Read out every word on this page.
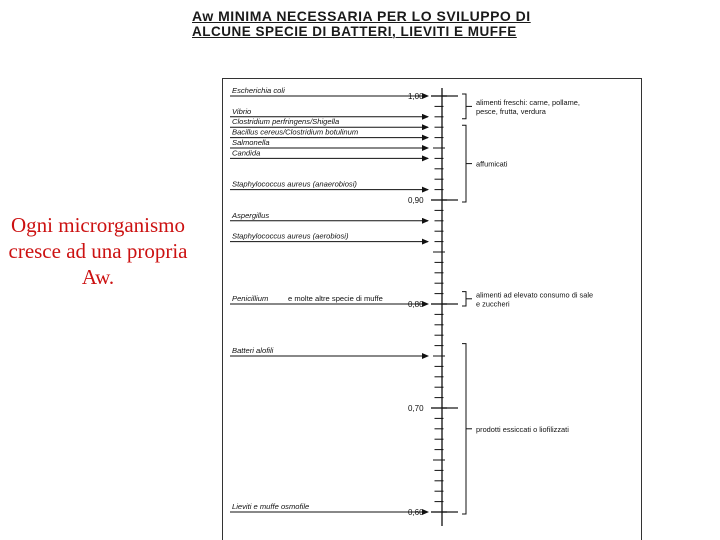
Aw MINIMA NECESSARIA PER LO SVILUPPO DI
ALCUNE SPECIE DI BATTERI, LIEVITI E MUFFE
Ogni microrganismo cresce ad una propria Aw.
1,00
0,90
0,80
0,70
0,60
Escherichia coli
Vibrio
Clostridium perfringens/Shigella
Bacillus cereus/Clostridium botulinum
Salmonella
Candida
Staphylococcus aureus (anaerobiosi)
Aspergillus
Staphylococcus aureus (aerobiosi)
Penicillium	e molte altre specie di muffe
Batteri alofili
Lieviti e muffe osmofile
alimenti freschi: carne, pollame,
pesce, frutta, verdura
affumicati
alimenti ad elevato consumo di sale
e zuccheri
prodotti essiccati o liofilizzati
